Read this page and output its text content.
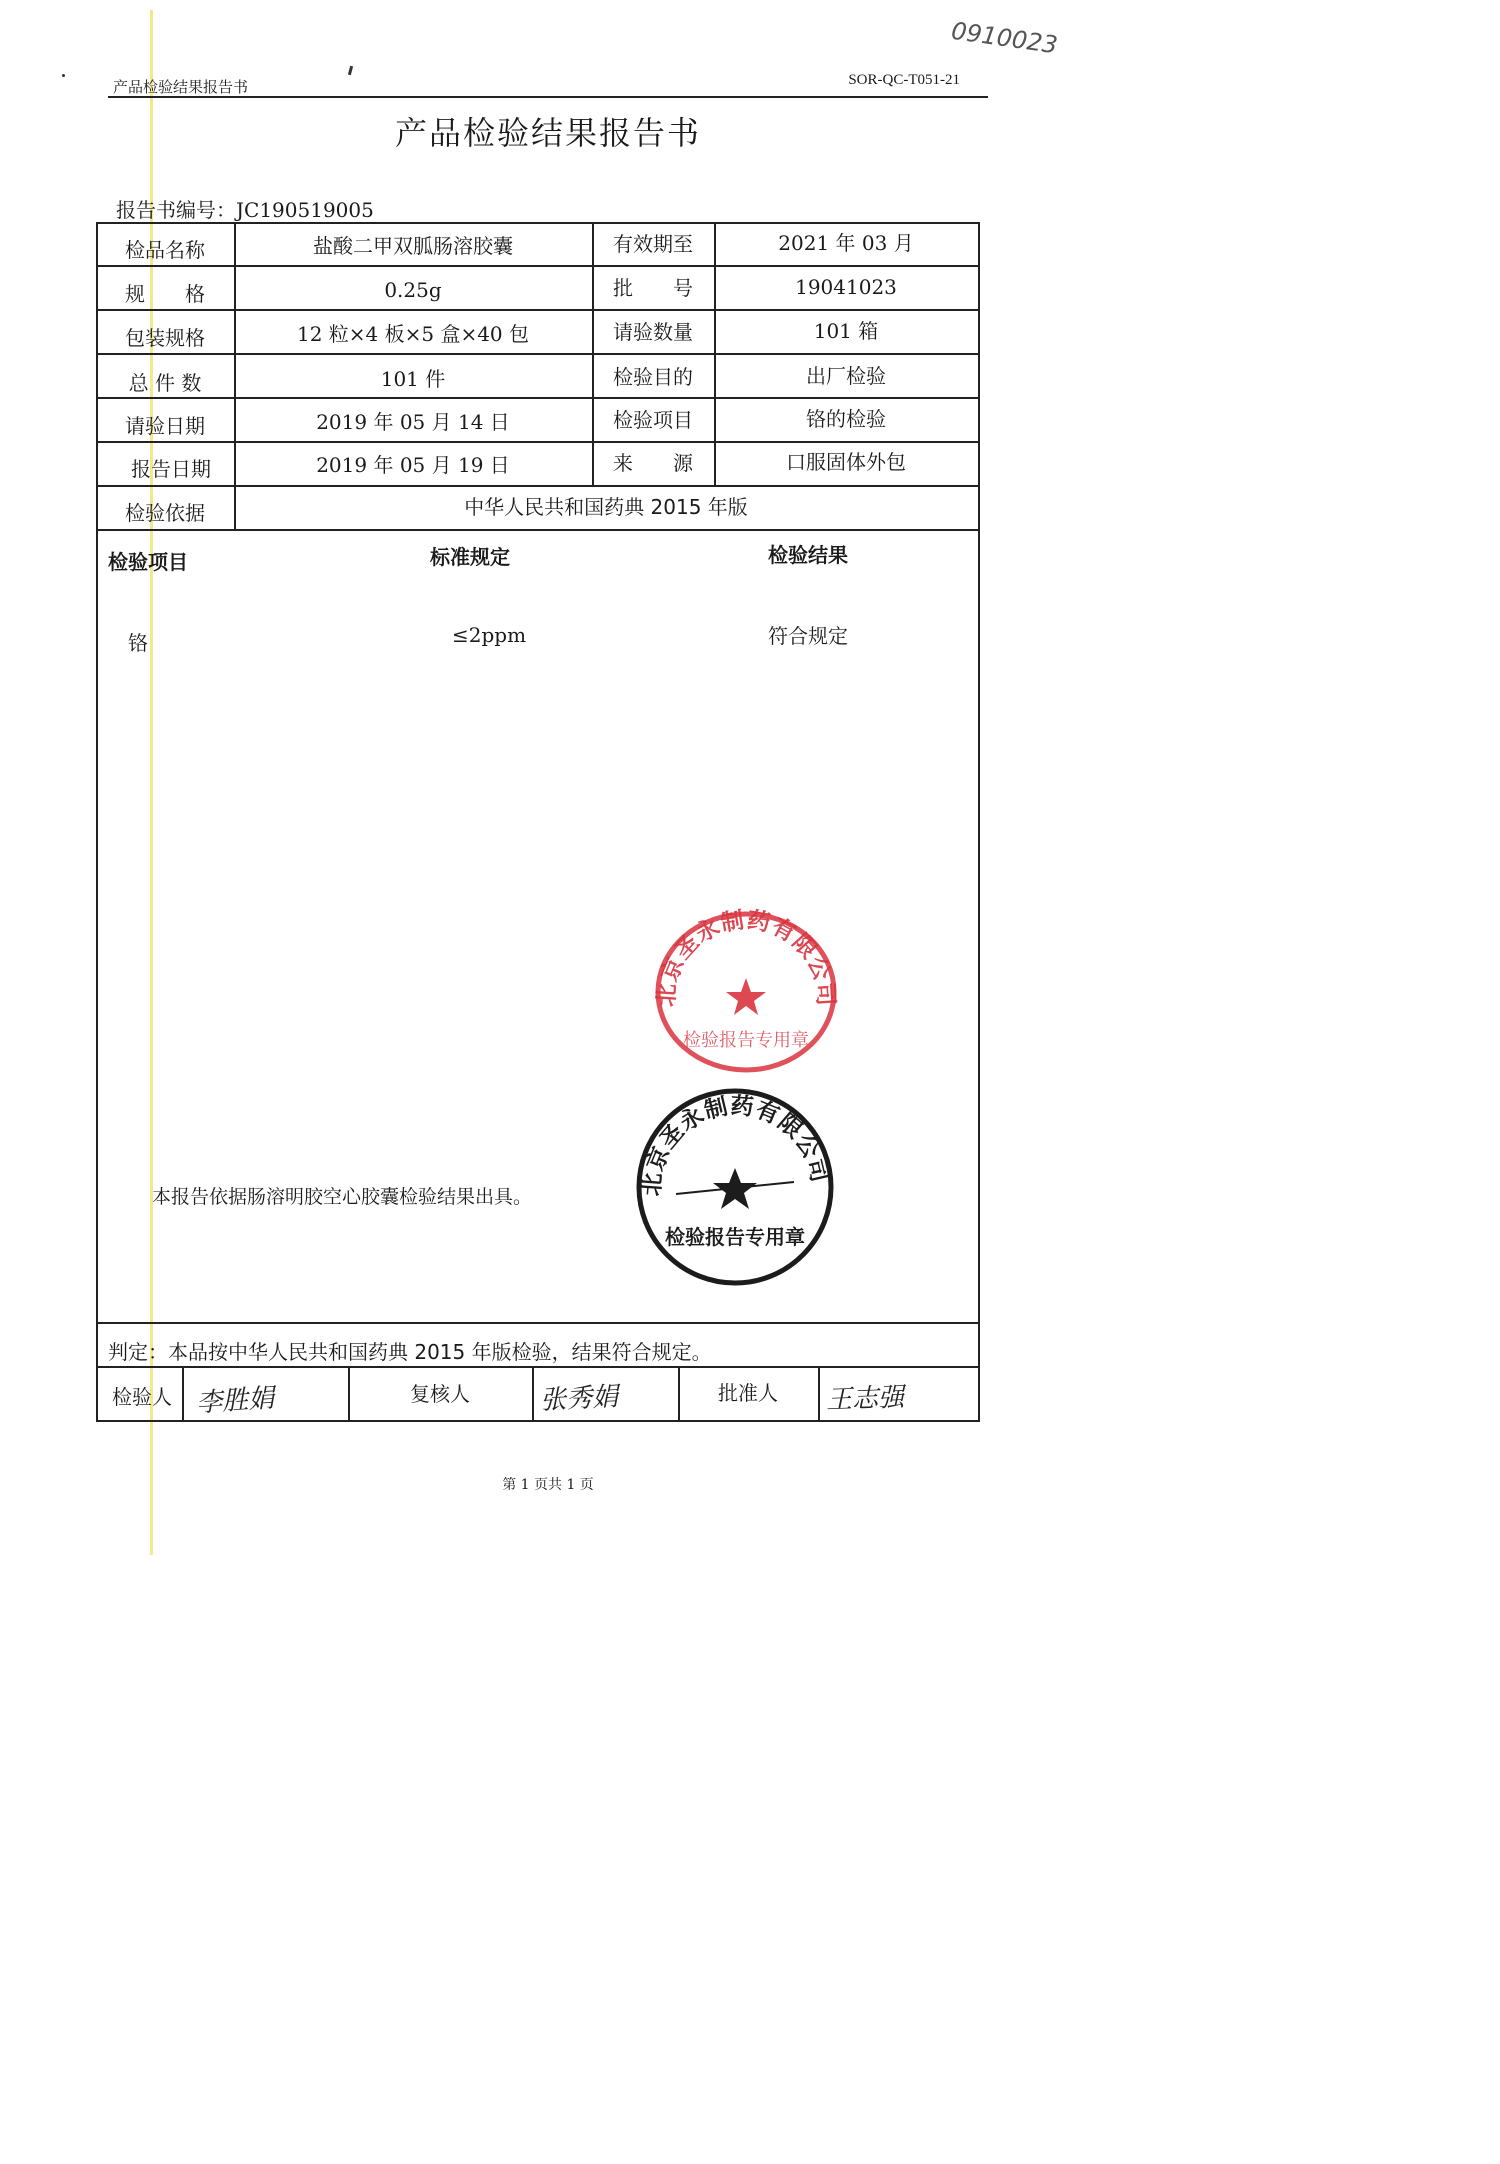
产品检验结果报告书	SOR-QC-T051-21
0910023
产品检验结果报告书
报告书编号：JC190519005
检品名称	盐酸二甲双胍肠溶胶囊	有效期至	2021 年 03 月
规　　格	0.25g	批　　号	19041023
包装规格	12 粒×4 板×5 盒×40 包	请验数量	101 箱
总 件 数	101 件	检验目的	出厂检验
请验日期	2019 年 05 月 14 日	检验项目	铬的检验
报告日期	2019 年 05 月 19 日	来　　源	口服固体外包
检验依据	中华人民共和国药典 2015 年版
检验项目	标准规定	检验结果
铬	≤2ppm	符合规定
北京圣永制药有限公司
检验报告专用章
北京圣永制药有限公司
检验报告专用章
本报告依据肠溶明胶空心胶囊检验结果出具。
判定：本品按中华人民共和国药典 2015 年版检验，结果符合规定。
检验人 李胜娟	复核人	张秀娟	批准人	王志强
第 1 页共 1 页
